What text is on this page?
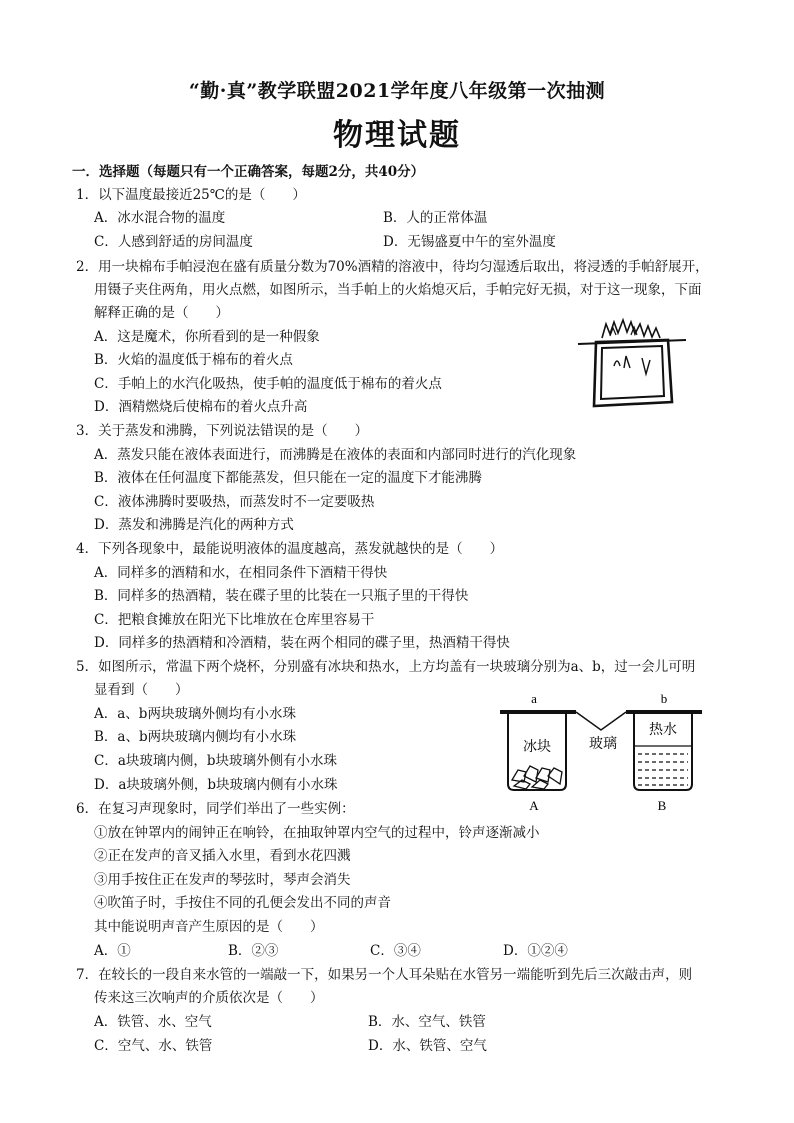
“勤·真”教学联盟2021学年度八年级第一次抽测
物理试题
一．选择题（每题只有一个正确答案，每题2分，共40分）
1．以下温度最接近25℃的是（　　）
A．冰水混合物的温度	B．人的正常体温
C．人感到舒适的房间温度	D．无锡盛夏中午的室外温度
2．用一块棉布手帕浸泡在盛有质量分数为70%酒精的溶液中，待均匀湿透后取出，将浸透的手帕舒展开，
用镊子夹住两角，用火点燃，如图所示，当手帕上的火焰熄灭后，手帕完好无损，对于这一现象，下面
解释正确的是（　　）
A．这是魔术，你所看到的是一种假象
B．火焰的温度低于棉布的着火点
C．手帕上的水汽化吸热，使手帕的温度低于棉布的着火点
D．酒精燃烧后使棉布的着火点升高
3．关于蒸发和沸腾，下列说法错误的是（　　）
A．蒸发只能在液体表面进行，而沸腾是在液体的表面和内部同时进行的汽化现象
B．液体在任何温度下都能蒸发，但只能在一定的温度下才能沸腾
C．液体沸腾时要吸热，而蒸发时不一定要吸热
D．蒸发和沸腾是汽化的两种方式
4．下列各现象中，最能说明液体的温度越高，蒸发就越快的是（　　）
A．同样多的酒精和水，在相同条件下酒精干得快
B．同样多的热酒精，装在碟子里的比装在一只瓶子里的干得快
C．把粮食摊放在阳光下比堆放在仓库里容易干
D．同样多的热酒精和冷酒精，装在两个相同的碟子里，热酒精干得快
5．如图所示，常温下两个烧杯，分别盛有冰块和热水，上方均盖有一块玻璃分别为a、b，过一会儿可明
显看到（　　）
A．a、b两块玻璃外侧均有小水珠
B．a、b两块玻璃内侧均有小水珠
C．a块玻璃内侧，b块玻璃外侧有小水珠
D．a块玻璃外侧，b块玻璃内侧有小水珠
a	b
冰块	玻璃
热水
A	B
6．在复习声现象时，同学们举出了一些实例：
①放在钟罩内的闹钟正在响铃，在抽取钟罩内空气的过程中，铃声逐渐减小
②正在发声的音叉插入水里，看到水花四溅
③用手按住正在发声的琴弦时，琴声会消失
④吹笛子时，手按住不同的孔便会发出不同的声音
其中能说明声音产生原因的是（　　）
A．①	B．②③	C．③④	D．①②④
7．在较长的一段自来水管的一端敲一下，如果另一个人耳朵贴在水管另一端能听到先后三次敲击声，则
传来这三次响声的介质依次是（　　）
A．铁管、水、空气	B．水、空气、铁管
C．空气、水、铁管	D．水、铁管、空气
